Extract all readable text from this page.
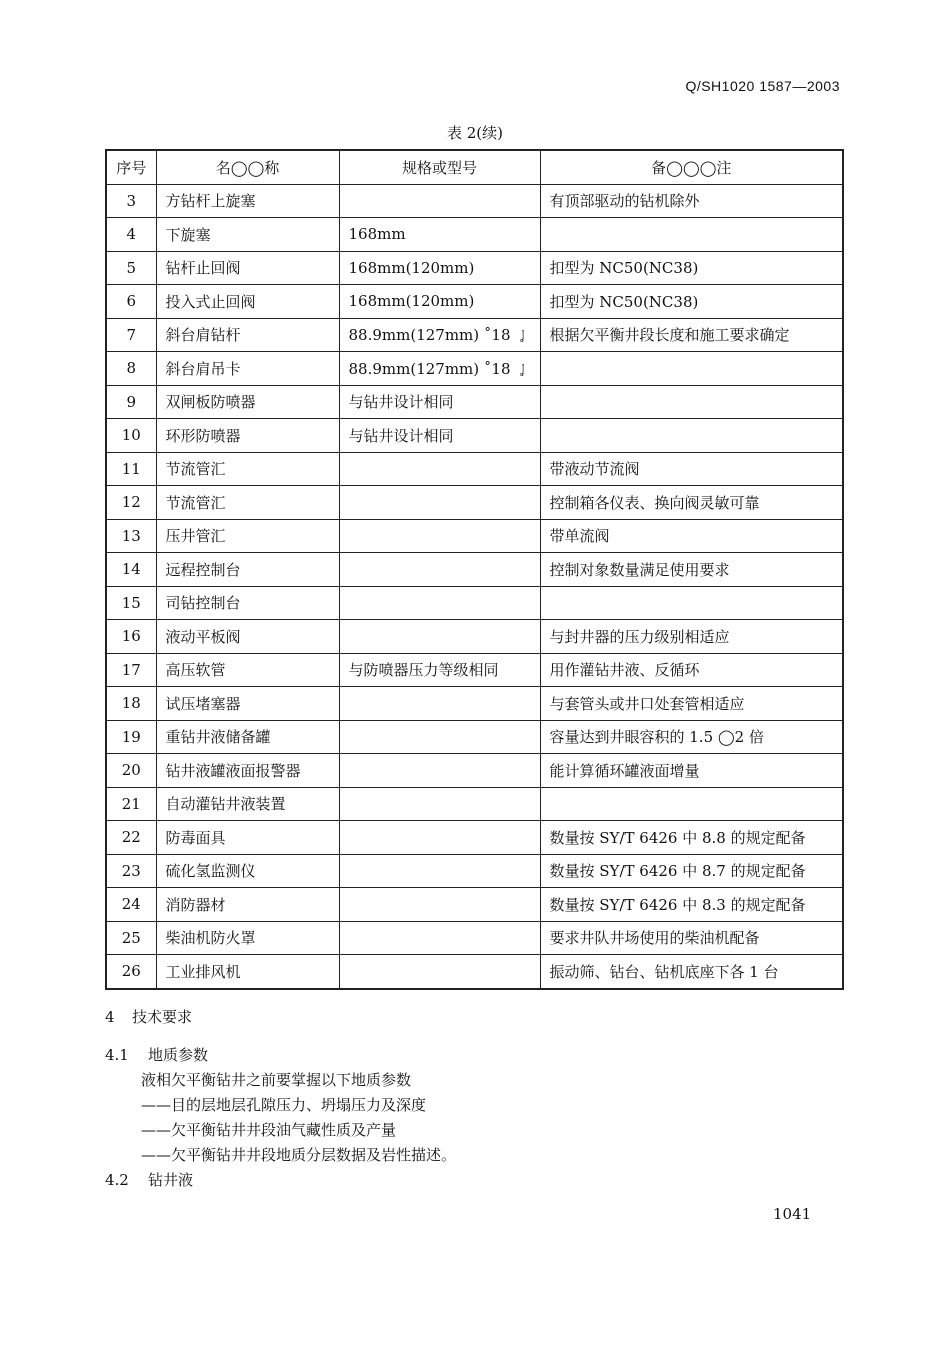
Q/SH1020 1587—2003
表 2(续)
序号	名◯◯称	规格或型号	备◯◯◯注
3	方钻杆上旋塞		有顶部驱动的钻机除外
4	下旋塞	168mm	
5	钻杆止回阀	168mm(120mm)	扣型为 NC50(NC38)
6	投入式止回阀	168mm(120mm)	扣型为 NC50(NC38)
7	斜台肩钻杆	88.9mm(127mm) ˚18 ㆳ	根据欠平衡井段长度和施工要求确定
8	斜台肩吊卡	88.9mm(127mm) ˚18 ㆳ	
9	双闸板防喷器	与钻井设计相同	
10	环形防喷器	与钻井设计相同	
11	节流管汇		带液动节流阀
12	节流管汇		控制箱各仪表、换向阀灵敏可靠
13	压井管汇		带单流阀
14	远程控制台		控制对象数量满足使用要求
15	司钻控制台		
16	液动平板阀		与封井器的压力级别相适应
17	高压软管	与防喷器压力等级相同	用作灌钻井液、反循环
18	试压堵塞器		与套管头或井口处套管相适应
19	重钻井液储备罐		容量达到井眼容积的 1.5 ◯2 倍
20	钻井液罐液面报警器		能计算循环罐液面增量
21	自动灌钻井液装置		
22	防毒面具		数量按 SY/T 6426 中 8.8 的规定配备
23	硫化氢监测仪		数量按 SY/T 6426 中 8.7 的规定配备
24	消防器材		数量按 SY/T 6426 中 8.3 的规定配备
25	柴油机防火罩		要求井队井场使用的柴油机配备
26	工业排风机		振动筛、钻台、钻机底座下各 1 台
4 技术要求
4.1 地质参数
液相欠平衡钻井之前要掌握以下地质参数
——目的层地层孔隙压力、坍塌压力及深度
——欠平衡钻井井段油气藏性质及产量
——欠平衡钻井井段地质分层数据及岩性描述。
4.2 钻井液
1041
